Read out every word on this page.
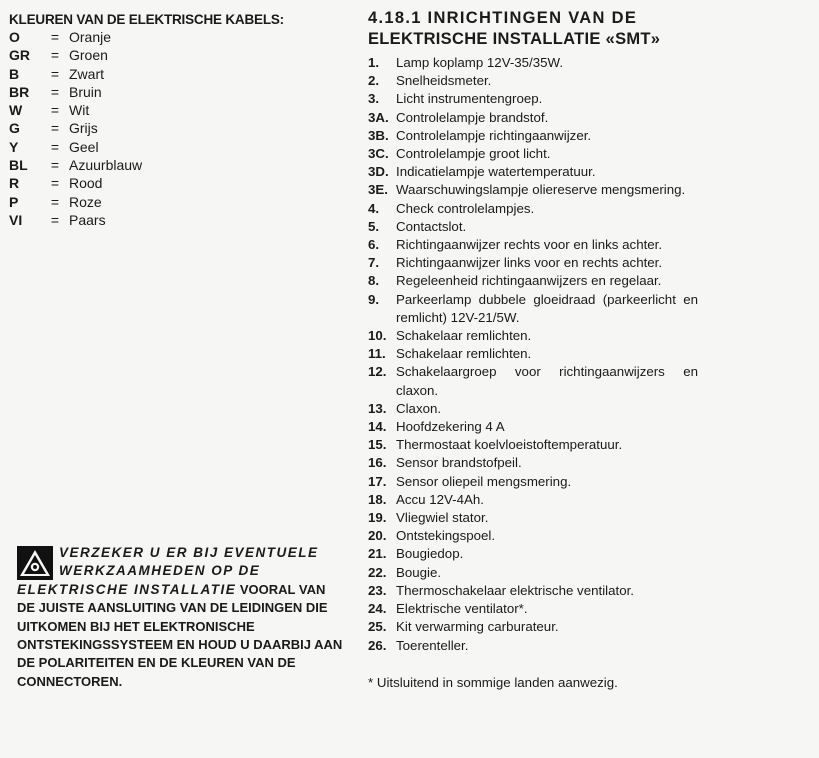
KLEUREN VAN DE ELEKTRISCHE KABELS:
O	= Oranje
GR	= Groen
B	= Zwart
BR	= Bruin
W	= Wit
G	= Grijs
Y	= Geel
BL	= Azuurblauw
R	= Rood
P	= Roze
VI	= Paars
VERZEKER U ER BIJ EVENTUELE WERKZAAMHEDEN OP DE ELEKTRISCHE INSTALLATIE VOORAL VAN DE JUISTE AANSLUITING VAN DE LEIDINGEN DIE UITKOMEN BIJ HET ELEKTRONISCHE ONTSTEKINGSSYSTEEM EN HOUD U DAARBIJ AAN DE POLARITEITEN EN DE KLEUREN VAN DE CONNECTOREN.
4.18.1 INRICHTINGEN VAN DE
ELEKTRISCHE INSTALLATIE «SMT»
1.	Lamp koplamp 12V-35/35W.
2.	Snelheidsmeter.
3.	Licht instrumentengroep.
3A. Controlelampje brandstof.
3B. Controlelampje richtingaanwijzer.
3C. Controlelampje groot licht.
3D. Indicatielampje watertemperatuur.
3E. Waarschuwingslampje oliereserve mengsmering.
4.	Check controlelampjes.
5.	Contactslot.
6.	Richtingaanwijzer rechts voor en links achter.
7.	Richtingaanwijzer links voor en rechts achter.
8.	Regeleenheid richtingaanwijzers en regelaar.
9.	Parkeerlamp dubbele gloeidraad (parkeerlicht en remlicht) 12V-21/5W.
10. Schakelaar remlichten.
11. Schakelaar remlichten.
12. Schakelaargroep voor richtingaanwijzers en claxon.
13. Claxon.
14. Hoofdzekering 4 A
15. Thermostaat koelvloeistoftemperatuur.
16. Sensor brandstofpeil.
17. Sensor oliepeil mengsmering.
18. Accu 12V-4Ah.
19. Vliegwiel stator.
20. Ontstekingspoel.
21. Bougiedop.
22. Bougie.
23. Thermoschakelaar elektrische ventilator.
24. Elektrische ventilator*.
25. Kit verwarming carburateur.
26. Toerenteller.
* Uitsluitend in sommige landen aanwezig.
